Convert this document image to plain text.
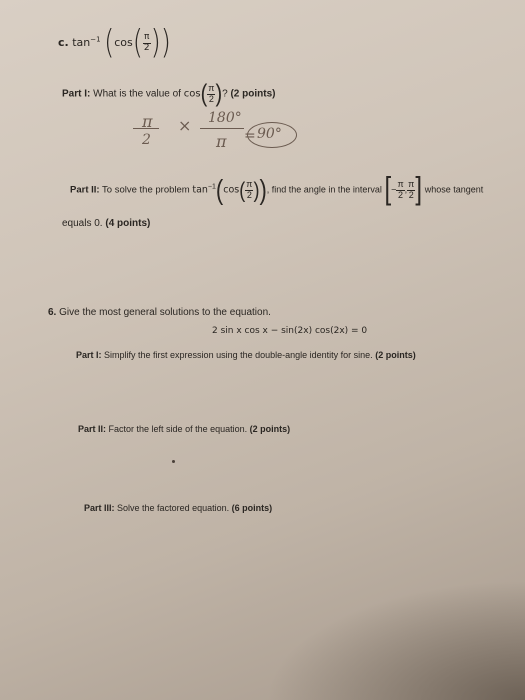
c. $\tan^{-1} (\cos( \frac{\pi}{2}$ ))
Part I: What is the value of $\cos( \frac{\pi}{2}$ )? (2 points)
π
2
× 180°
π = 90°
Part II: To solve the problem $\tan^{-1}(\cos( \frac{\pi}{2}$ )), find the angle in the interval [− $\frac{\pi}{2}$ , $\frac{\pi}{2}$ ] whose tangent
equals 0. (4 points)
6. Give the most general solutions to the equation.
2 sin x cos x − sin(2x) cos(2x) = 0
Part I: Simplify the first expression using the double-angle identity for sine. (2 points)
Part II: Factor the left side of the equation. (2 points)
Part III: Solve the factored equation. (6 points)
